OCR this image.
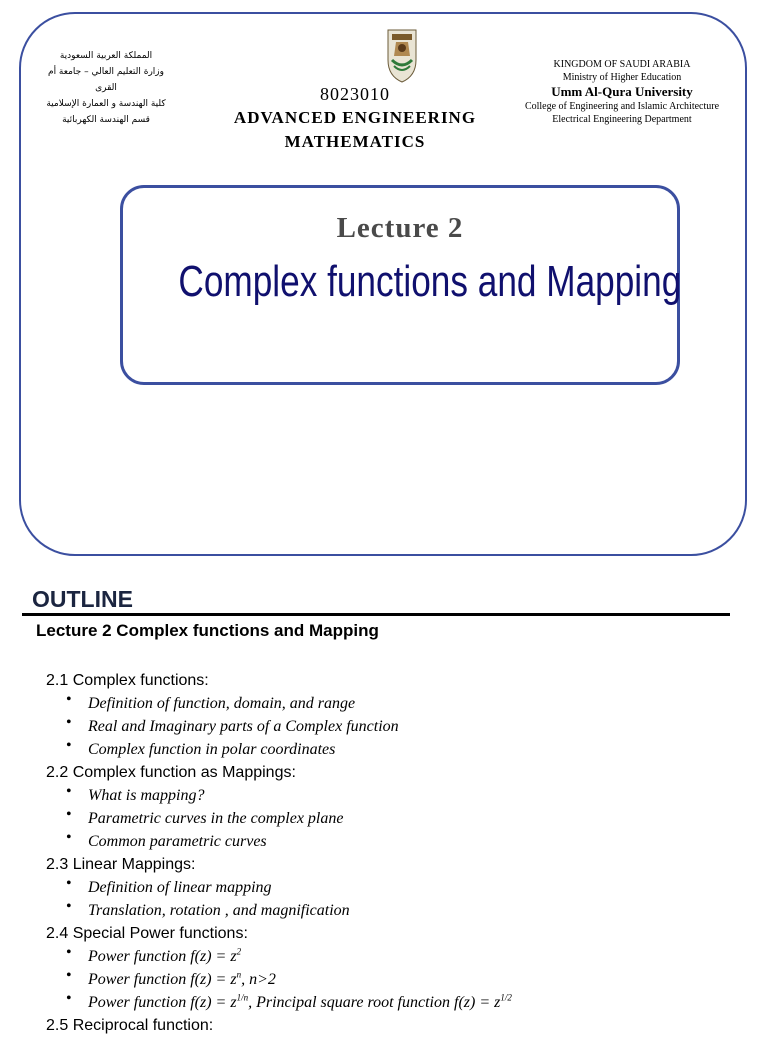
المملكة العربية السعودية
وزارة التعليم العالي – جامعة أم القرى
كلية الهندسة و العمارة الإسلامية
قسم الهندسة الكهربائية
8023010
ADVANCED ENGINEERING
MATHEMATICS
KINGDOM OF SAUDI ARABIA
Ministry of Higher Education
Umm Al-Qura University
College of Engineering and Islamic Architecture
Electrical Engineering Department
Lecture 2
Complex functions and Mapping
OUTLINE
Lecture 2 Complex functions and Mapping
2.1 Complex functions:
• Definition of function, domain, and range
• Real and Imaginary parts of a Complex function
• Complex function in polar coordinates
2.2 Complex function as Mappings:
• What is mapping?
• Parametric curves in the complex plane
• Common parametric curves
2.3 Linear Mappings:
• Definition of linear mapping
• Translation, rotation , and magnification
2.4 Special Power functions:
• Power function $f(z) = z^2$
• Power function $f(z) = z^n$, n>2
• Power function $f(z) = z^{1/n}$, Principal square root function $f(z) = z^{1/2}$
2.5 Reciprocal function:
